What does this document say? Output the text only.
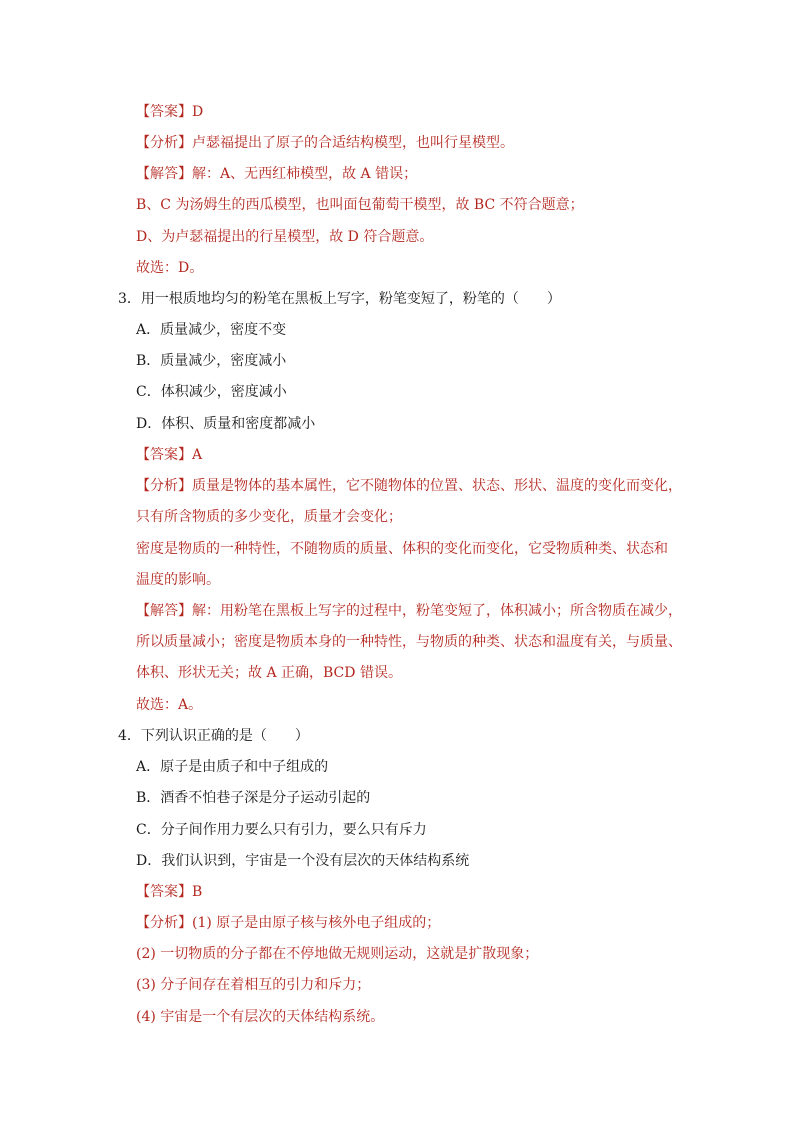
【答案】D
【分析】卢瑟福提出了原子的合适结构模型，也叫行星模型。
【解答】解：A、无西红柿模型，故 A 错误；
B、C 为汤姆生的西瓜模型，也叫面包葡萄干模型，故 BC 不符合题意；
D、为卢瑟福提出的行星模型，故 D 符合题意。
故选：D。
3．用一根质地均匀的粉笔在黑板上写字，粉笔变短了，粉笔的（　　）
A．质量减少，密度不变
B．质量减少，密度减小
C．体积减少，密度减小
D．体积、质量和密度都减小
【答案】A
【分析】质量是物体的基本属性，它不随物体的位置、状态、形状、温度的变化而变化，
只有所含物质的多少变化，质量才会变化；
密度是物质的一种特性，不随物质的质量、体积的变化而变化，它受物质种类、状态和
温度的影响。
【解答】解：用粉笔在黑板上写字的过程中，粉笔变短了，体积减小；所含物质在减少，
所以质量减小；密度是物质本身的一种特性，与物质的种类、状态和温度有关，与质量、
体积、形状无关；故 A 正确，BCD 错误。
故选：A。
4．下列认识正确的是（　　）
A．原子是由质子和中子组成的
B．酒香不怕巷子深是分子运动引起的
C．分子间作用力要么只有引力，要么只有斥力
D．我们认识到，宇宙是一个没有层次的天体结构系统
【答案】B
【分析】(1) 原子是由原子核与核外电子组成的；
(2) 一切物质的分子都在不停地做无规则运动，这就是扩散现象；
(3) 分子间存在着相互的引力和斥力；
(4) 宇宙是一个有层次的天体结构系统。
